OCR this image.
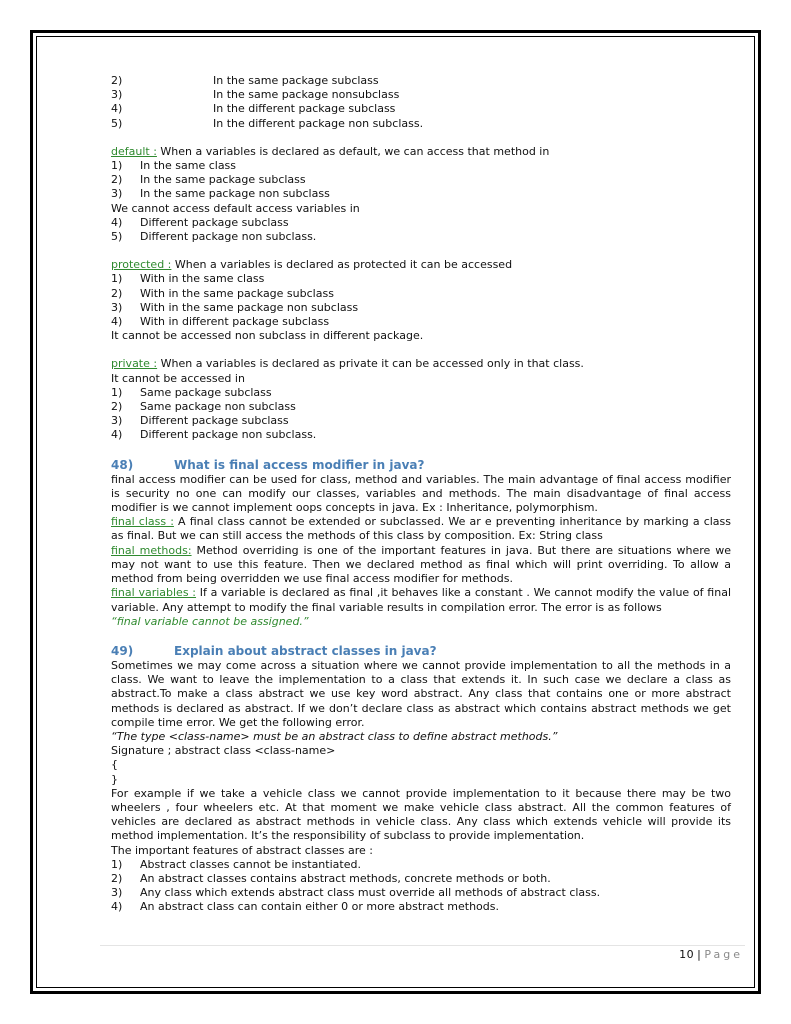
2)	In the same package subclass
3)	In the same package nonsubclass
4)	In the different package subclass
5)	In the different package non subclass.

default : When a variables is declared as default, we can access that method in

1)	In the same class
2)	In the same package subclass
3)	In the same package non subclass

We cannot access default access variables in

4)	Different package subclass
5)	Different package non subclass.

protected : When a variables is declared as protected it can be accessed

1)	With in the same class
2)	With in the same package subclass
3)	With in the same package non subclass
4)	With in different package subclass

It cannot be accessed non subclass in different package.

private : When a variables is declared as private it can be accessed only in that class.

It cannot be accessed in

1)	Same package subclass
2)	Same package non subclass
3)	Different package subclass
4)	Different package non subclass.
48)	What is final access modifier in java?

final access modifier can be used for class, method and variables. The main advantage of final access modifier is security no one can modify our classes, variables and methods. The main disadvantage of final access modifier is we cannot implement oops concepts in java. Ex : Inheritance, polymorphism.

final class : A final class cannot be extended or subclassed. We ar e preventing inheritance by marking a class as final. But we can still access the methods of this class by composition. Ex: String class

final methods: Method overriding is one of the important features in java. But there are situations where we may not want to use this feature. Then we declared method as final which will print overriding. To allow a method from being overridden we use final access modifier for methods.

final variables : If a variable is declared as final ,it behaves like a constant . We cannot modify the value of final variable. Any attempt to modify the final variable results in compilation error. The error is as follows

“final variable cannot be assigned.”

49)	Explain about abstract classes in java?

Sometimes we may come across a situation where we cannot provide implementation to all the methods in a class. We want to leave the implementation to a class that extends it. In such case we declare a class as abstract.To make a class abstract we use key word abstract. Any class that contains one or more abstract methods is declared as abstract. If we don’t declare class as abstract which contains abstract methods we get compile time error. We get the following error.

“The type <class-name> must be an abstract class to define abstract methods.”

Signature ; abstract class <class-name>

{

}

For example if we take a vehicle class we cannot provide implementation to it because there may be two wheelers , four wheelers etc. At that moment we make vehicle class abstract. All the common features of vehicles are declared as abstract methods in vehicle class. Any class which extends vehicle will provide its method implementation. It’s the responsibility of subclass to provide implementation.

The important features of abstract classes are :

1)	Abstract classes cannot be instantiated.
2)	An abstract classes contains abstract methods, concrete methods or both.
3)	Any class which extends abstract class must override all methods of abstract class.
4)	An abstract class can contain either 0 or more abstract methods.
10 | Page
